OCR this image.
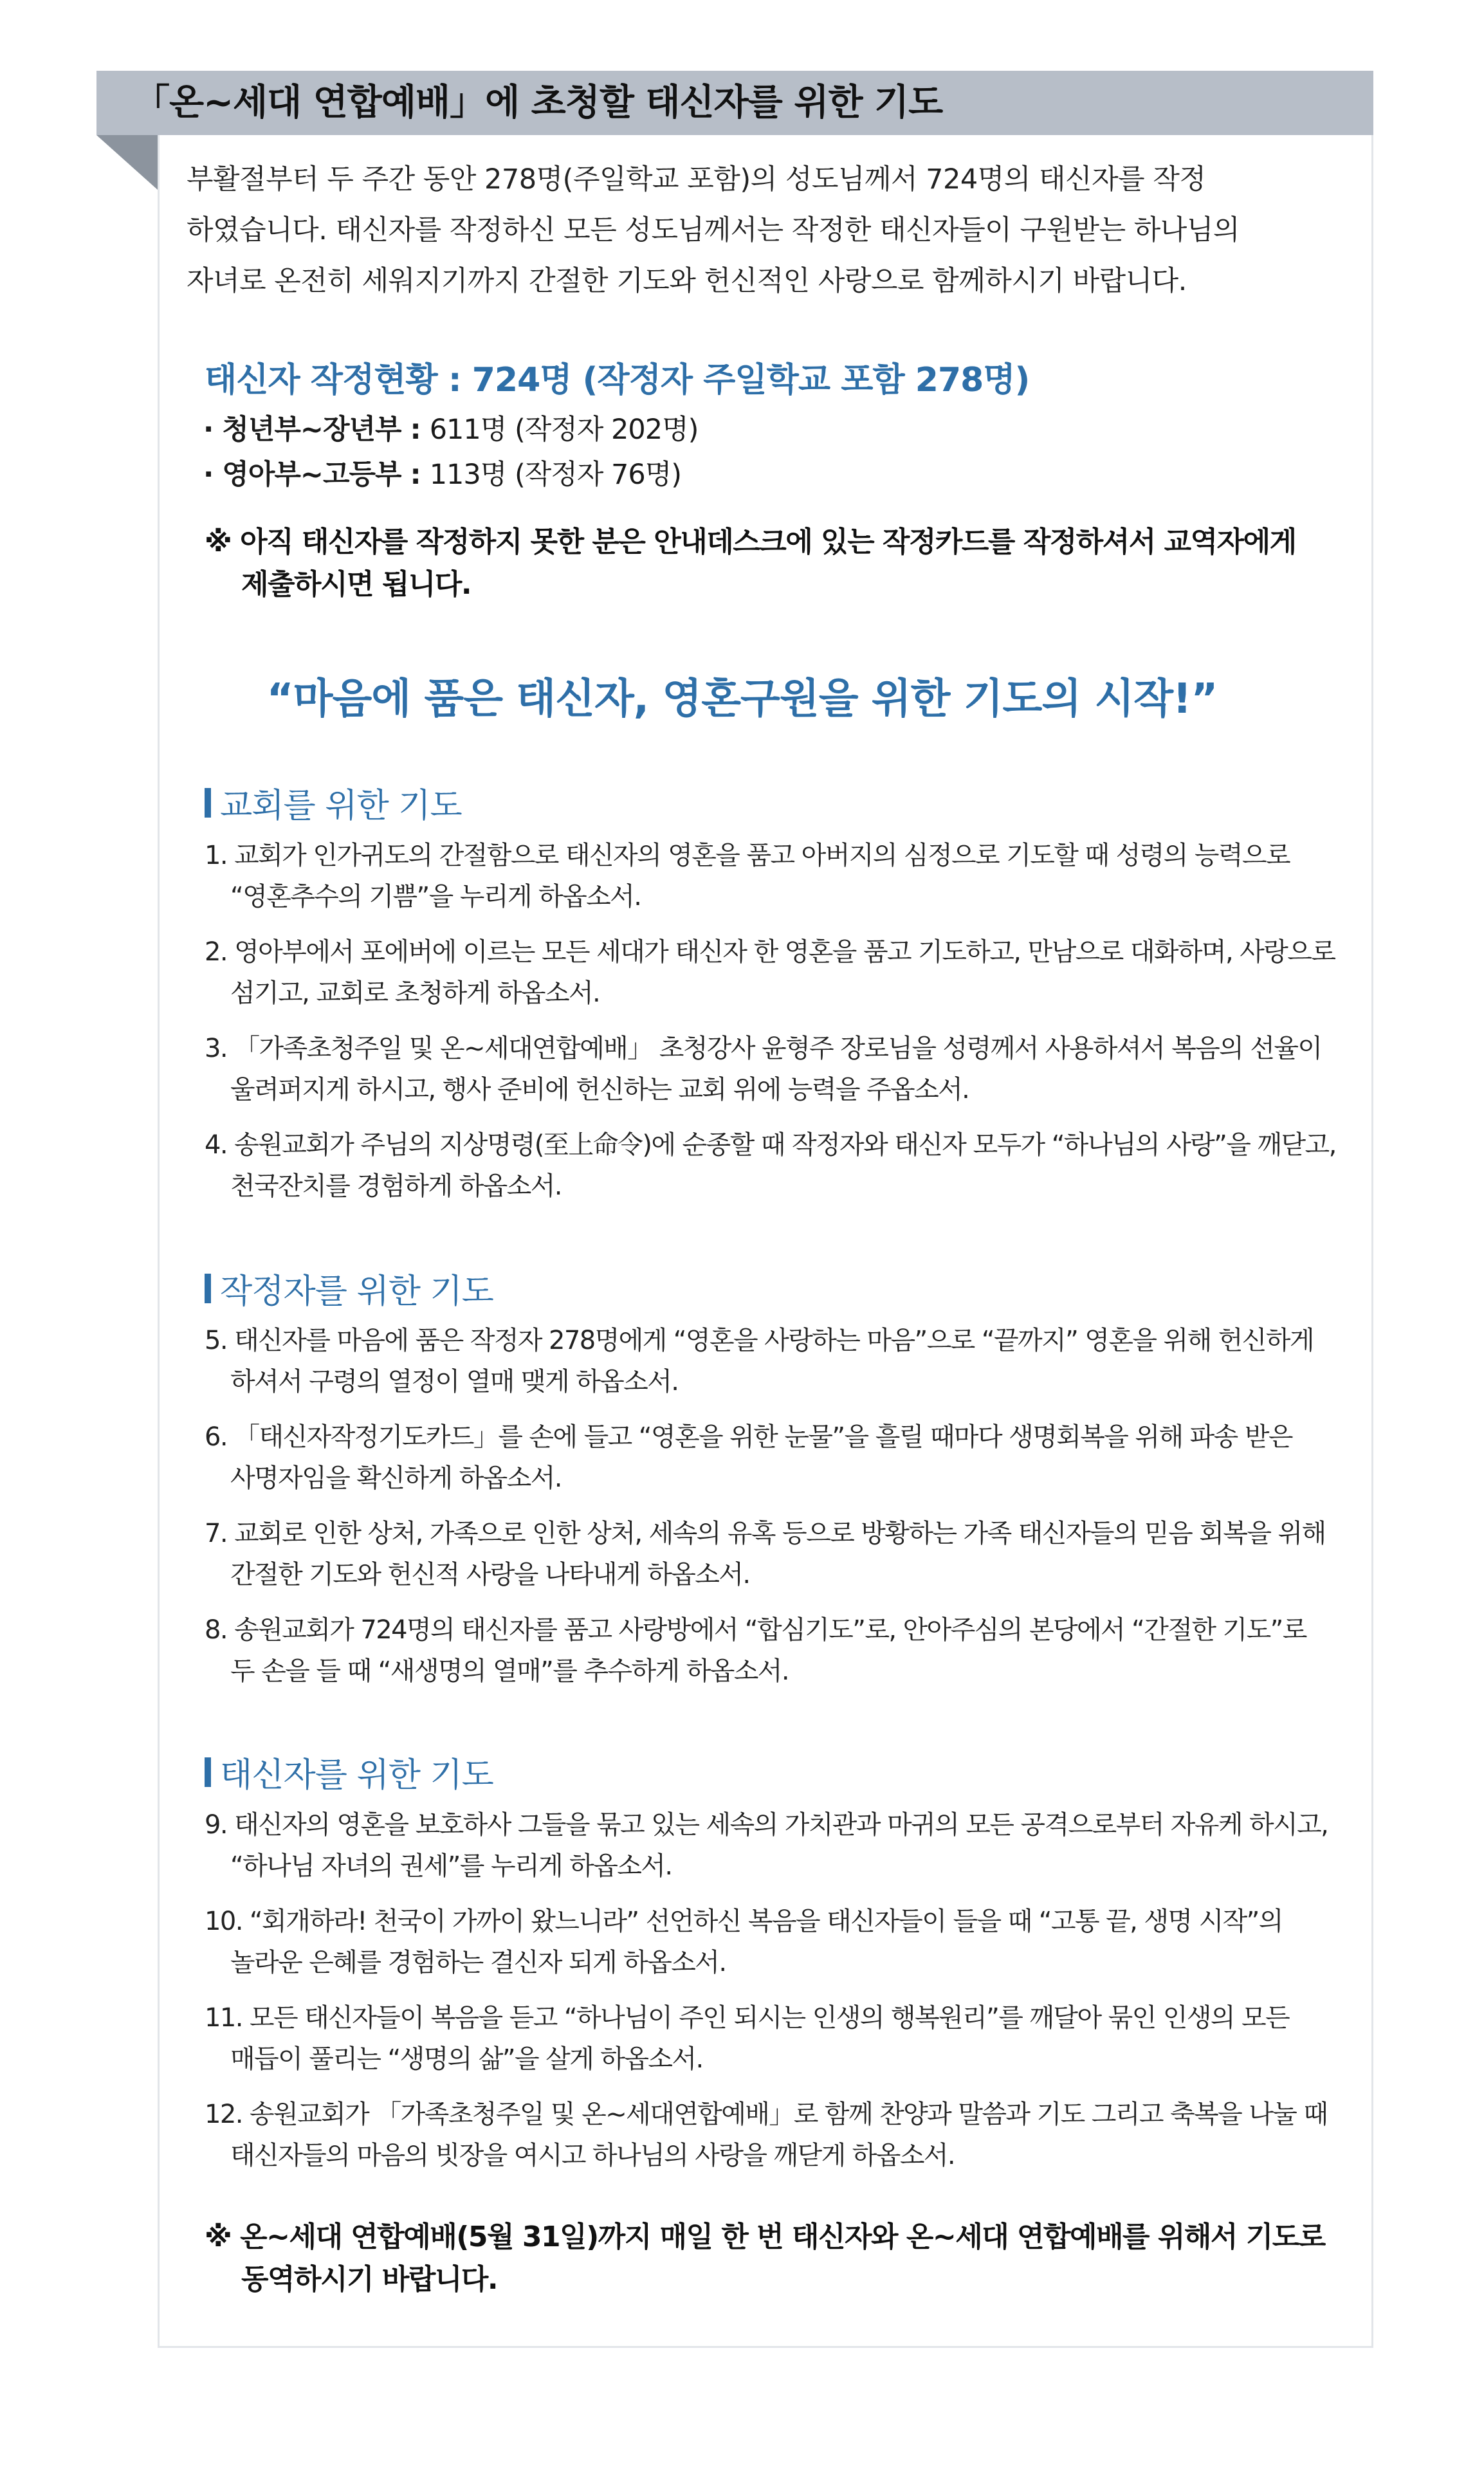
「온~세대 연합예배」에 초청할 태신자를 위한 기도
부활절부터 두 주간 동안 278명(주일학교 포함)의 성도님께서 724명의 태신자를 작정
하였습니다. 태신자를 작정하신 모든 성도님께서는 작정한 태신자들이 구원받는 하나님의
자녀로 온전히 세워지기까지 간절한 기도와 헌신적인 사랑으로 함께하시기 바랍니다.
태신자 작정현황 : 724명 (작정자 주일학교 포함 278명)
· 청년부~장년부 : 611명 (작정자 202명)
· 영아부~고등부 : 113명 (작정자 76명)
※ 아직 태신자를 작정하지 못한 분은 안내데스크에 있는 작정카드를 작정하셔서 교역자에게
제출하시면 됩니다.
“마음에 품은 태신자, 영혼구원을 위한 기도의 시작!”
교회를 위한 기도
1. 교회가 인가귀도의 간절함으로 태신자의 영혼을 품고 아버지의 심정으로 기도할 때 성령의 능력으로
“영혼추수의 기쁨”을 누리게 하옵소서.
2. 영아부에서 포에버에 이르는 모든 세대가 태신자 한 영혼을 품고 기도하고, 만남으로 대화하며, 사랑으로
섬기고, 교회로 초청하게 하옵소서.
3. 「가족초청주일 및 온~세대연합예배」 초청강사 윤형주 장로님을 성령께서 사용하셔서 복음의 선율이
울려퍼지게 하시고, 행사 준비에 헌신하는 교회 위에 능력을 주옵소서.
4. 송원교회가 주님의 지상명령(至上命令)에 순종할 때 작정자와 태신자 모두가 “하나님의 사랑”을 깨닫고,
천국잔치를 경험하게 하옵소서.
작정자를 위한 기도
5. 태신자를 마음에 품은 작정자 278명에게 “영혼을 사랑하는 마음”으로 “끝까지” 영혼을 위해 헌신하게
하셔서 구령의 열정이 열매 맺게 하옵소서.
6. 「태신자작정기도카드」를 손에 들고 “영혼을 위한 눈물”을 흘릴 때마다 생명회복을 위해 파송 받은
사명자임을 확신하게 하옵소서.
7. 교회로 인한 상처, 가족으로 인한 상처, 세속의 유혹 등으로 방황하는 가족 태신자들의 믿음 회복을 위해
간절한 기도와 헌신적 사랑을 나타내게 하옵소서.
8. 송원교회가 724명의 태신자를 품고 사랑방에서 “합심기도”로, 안아주심의 본당에서 “간절한 기도”로
두 손을 들 때 “새생명의 열매”를 추수하게 하옵소서.
태신자를 위한 기도
9. 태신자의 영혼을 보호하사 그들을 묶고 있는 세속의 가치관과 마귀의 모든 공격으로부터 자유케 하시고,
“하나님 자녀의 권세”를 누리게 하옵소서.
10. “회개하라! 천국이 가까이 왔느니라” 선언하신 복음을 태신자들이 들을 때 “고통 끝, 생명 시작”의
놀라운 은혜를 경험하는 결신자 되게 하옵소서.
11. 모든 태신자들이 복음을 듣고 “하나님이 주인 되시는 인생의 행복원리”를 깨달아 묶인 인생의 모든
매듭이 풀리는 “생명의 삶”을 살게 하옵소서.
12. 송원교회가 「가족초청주일 및 온~세대연합예배」로 함께 찬양과 말씀과 기도 그리고 축복을 나눌 때
태신자들의 마음의 빗장을 여시고 하나님의 사랑을 깨닫게 하옵소서.
※ 온~세대 연합예배(5월 31일)까지 매일 한 번 태신자와 온~세대 연합예배를 위해서 기도로
동역하시기 바랍니다.
